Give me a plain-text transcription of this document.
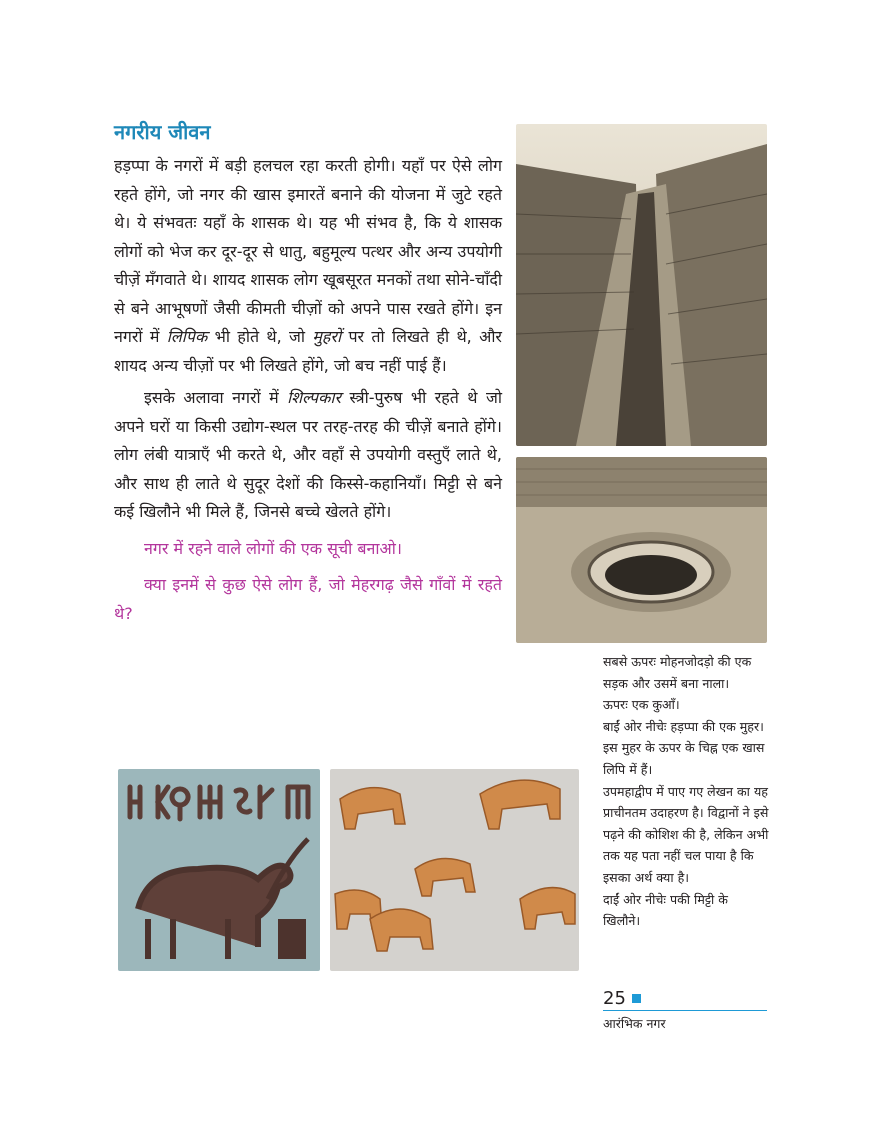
नगरीय जीवन

हड़प्पा के नगरों में बड़ी हलचल रहा करती होगी। यहाँ पर ऐसे लोग रहते होंगे, जो नगर की खास इमारतें बनाने की योजना में जुटे रहते थे। ये संभवतः यहाँ के शासक थे। यह भी संभव है, कि ये शासक लोगों को भेज कर दूर-दूर से धातु, बहुमूल्य पत्थर और अन्य उपयोगी चीज़ें मँगवाते थे। शायद शासक लोग खूबसूरत मनकों तथा सोने-चाँदी से बने आभूषणों जैसी कीमती चीज़ों को अपने पास रखते होंगे। इन नगरों में लिपिक भी होते थे, जो मुहरों पर तो लिखते ही थे, और शायद अन्य चीज़ों पर भी लिखते होंगे, जो बच नहीं पाई हैं।

इसके अलावा नगरों में शिल्पकार स्त्री-पुरुष भी रहते थे जो अपने घरों या किसी उद्योग-स्थल पर तरह-तरह की चीज़ें बनाते होंगे। लोग लंबी यात्राएँ भी करते थे, और वहाँ से उपयोगी वस्तुएँ लाते थे, और साथ ही लाते थे सुदूर देशों की किस्से-कहानियाँ। मिट्टी से बने कई खिलौने भी मिले हैं, जिनसे बच्चे खेलते होंगे।

नगर में रहने वाले लोगों की एक सूची बनाओ।

क्या इनमें से कुछ ऐसे लोग हैं, जो मेहरगढ़ जैसे गाँवों में रहते थे?

सबसे ऊपरः मोहनजोदड़ो की एक सड़क और उसमें बना नाला।
ऊपरः एक कुआँ।
बाईं ओर नीचेः हड़प्पा की एक मुहर।
इस मुहर के ऊपर के चिह्न एक खास लिपि में हैं।
उपमहाद्वीप में पाए गए लेखन का यह प्राचीनतम उदाहरण है। विद्वानों ने इसे पढ़ने की कोशिश की है, लेकिन अभी तक यह पता नहीं चल पाया है कि इसका अर्थ क्या है।
दाईं ओर नीचेः पकी मिट्टी के खिलौने।
25
आरंभिक नगर
